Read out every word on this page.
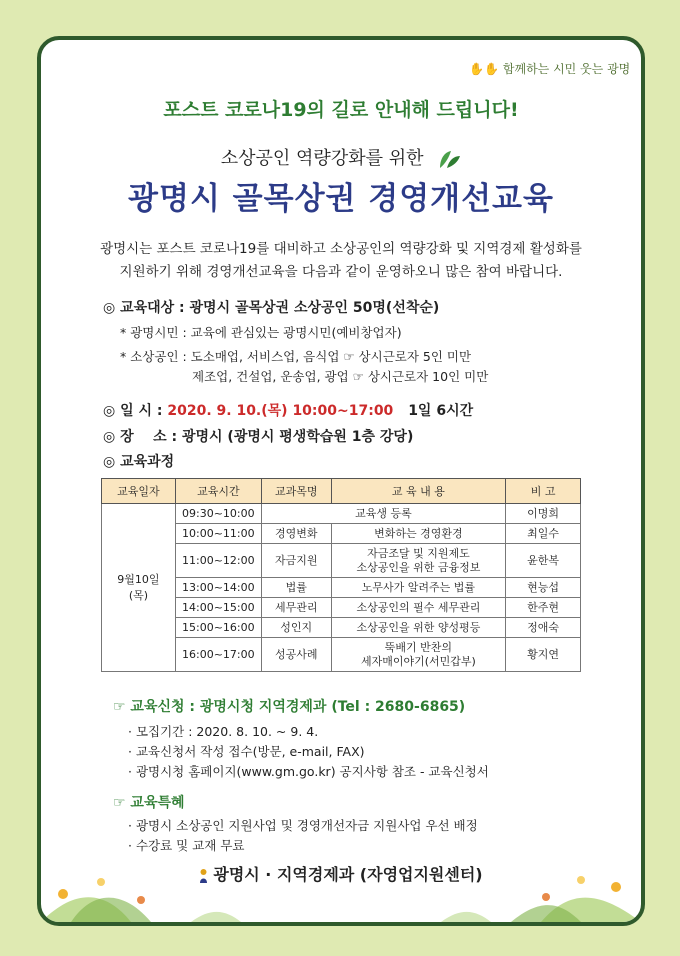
✋✋ 함께하는 시민 웃는 광명
포스트 코로나19의 길로 안내해 드립니다!
소상공인 역량강화를 위한
광명시 골목상권 경영개선교육
광명시는 포스트 코로나19를 대비하고 소상공인의 역량강화 및 지역경제 활성화를
지원하기 위해 경영개선교육을 다음과 같이 운영하오니 많은 참여 바랍니다.
◎ 교육대상 : 광명시 골목상권 소상공인 50명(선착순)
* 광명시민 : 교육에 관심있는 광명시민(예비창업자)
* 소상공인 : 도소매업, 서비스업, 음식업 ☞ 상시근로자 5인 미만
제조업, 건설업, 운송업, 광업 ☞ 상시근로자 10인 미만
◎ 일 시 : 2020. 9. 10.(목) 10:00~17:00 1일 6시간
◎ 장    소 : 광명시 (광명시 평생학습원 1층 강당)
◎ 교육과정
교육일자	교육시간	교과목명	교 육 내 용	비 고

9월10일
(목)	09:30~10:00	교육생 등록		이명희
	10:00~11:00	경영변화	변화하는 경영환경	최일수
	11:00~12:00	자금지원	자금조달 및 지원제도
소상공인을 위한 금융정보	윤한복
	13:00~14:00	법률	노무사가 알려주는 법률	현능섭
	14:00~15:00	세무관리	소상공인의 필수 세무관리	한주현
	15:00~16:00	성인지	소상공인을 위한 양성평등	정애숙
	16:00~17:00	성공사례	뚝배기 반찬의
세자매이야기(서민갑부)	황지연
☞ 교육신청 : 광명시청 지역경제과 (Tel : 2680-6865)
· 모집기간 : 2020. 8. 10. ~ 9. 4.
· 교육신청서 작성 접수(방문, e-mail, FAX)
· 광명시청 홈페이지(www.gm.go.kr) 공지사항 참조 - 교육신청서
☞ 교육특혜
· 광명시 소상공인 지원사업 및 경영개선자금 지원사업 우선 배정
· 수강료 및 교재 무료
광명시 · 지역경제과 (자영업지원센터)
